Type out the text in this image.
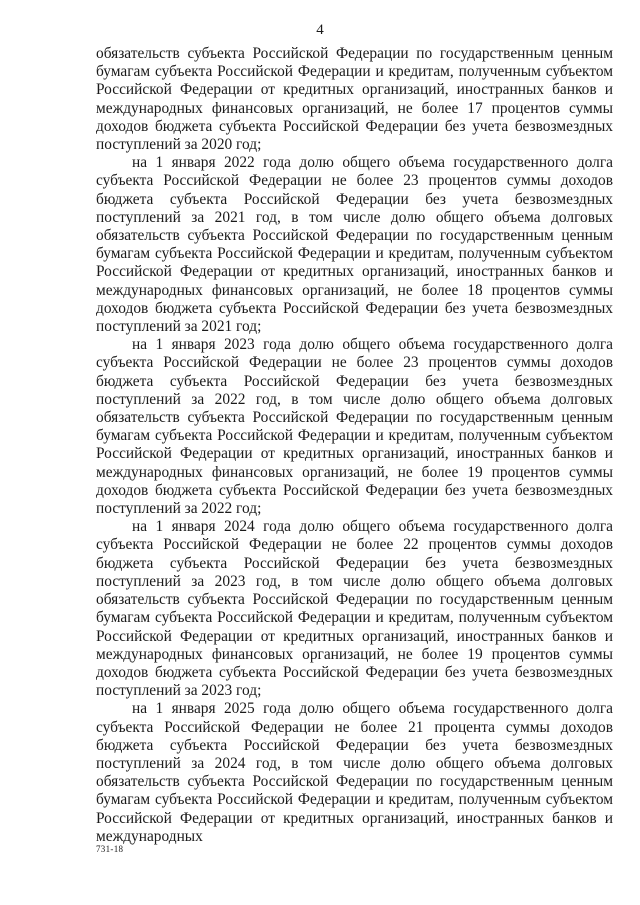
4

обязательств субъекта Российской Федерации по государственным ценным бумагам субъекта Российской Федерации и кредитам, полученным субъектом Российской Федерации от кредитных организаций, иностранных банков и международных финансовых организаций, не более 17 процентов суммы доходов бюджета субъекта Российской Федерации без учета безвозмездных поступлений за 2020 год;

на 1 января 2022 года долю общего объема государственного долга субъекта Российской Федерации не более 23 процентов суммы доходов бюджета субъекта Российской Федерации без учета безвозмездных поступлений за 2021 год, в том числе долю общего объема долговых обязательств субъекта Российской Федерации по государственным ценным бумагам субъекта Российской Федерации и кредитам, полученным субъектом Российской Федерации от кредитных организаций, иностранных банков и международных финансовых организаций, не более 18 процентов суммы доходов бюджета субъекта Российской Федерации без учета безвозмездных поступлений за 2021 год;

на 1 января 2023 года долю общего объема государственного долга субъекта Российской Федерации не более 23 процентов суммы доходов бюджета субъекта Российской Федерации без учета безвозмездных поступлений за 2022 год, в том числе долю общего объема долговых обязательств субъекта Российской Федерации по государственным ценным бумагам субъекта Российской Федерации и кредитам, полученным субъектом Российской Федерации от кредитных организаций, иностранных банков и международных финансовых организаций, не более 19 процентов суммы доходов бюджета субъекта Российской Федерации без учета безвозмездных поступлений за 2022 год;

на 1 января 2024 года долю общего объема государственного долга субъекта Российской Федерации не более 22 процентов суммы доходов бюджета субъекта Российской Федерации без учета безвозмездных поступлений за 2023 год, в том числе долю общего объема долговых обязательств субъекта Российской Федерации по государственным ценным бумагам субъекта Российской Федерации и кредитам, полученным субъектом Российской Федерации от кредитных организаций, иностранных банков и международных финансовых организаций, не более 19 процентов суммы доходов бюджета субъекта Российской Федерации без учета безвозмездных поступлений за 2023 год;

на 1 января 2025 года долю общего объема государственного долга субъекта Российской Федерации не более 21 процента суммы доходов бюджета субъекта Российской Федерации без учета безвозмездных поступлений за 2024 год, в том числе долю общего объема долговых обязательств субъекта Российской Федерации по государственным ценным бумагам субъекта Российской Федерации и кредитам, полученным субъектом Российской Федерации от кредитных организаций, иностранных банков и международных

731-18
